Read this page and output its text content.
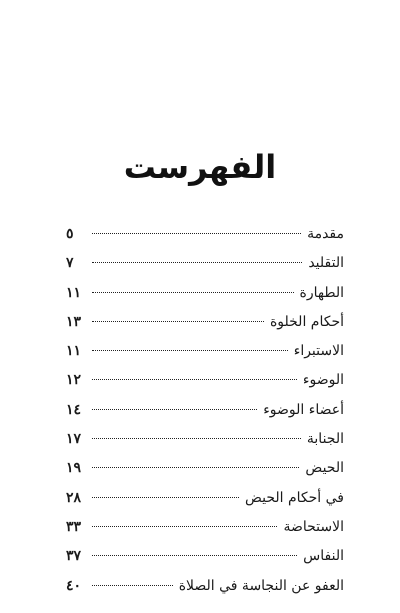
الفهرست
مقدمة
٥
التقليد
٧
الطهارة
١١
أحكام الخلوة
١٣
الاستبراء
١١
الوضوء
١٢
أعضاء الوضوء
١٤
الجنابة
١٧
الحيض
١٩
في أحكام الحيض
٢٨
الاستحاضة
٣٣
النفاس
٣٧
العفو عن النجاسة في الصلاة
٤٠
